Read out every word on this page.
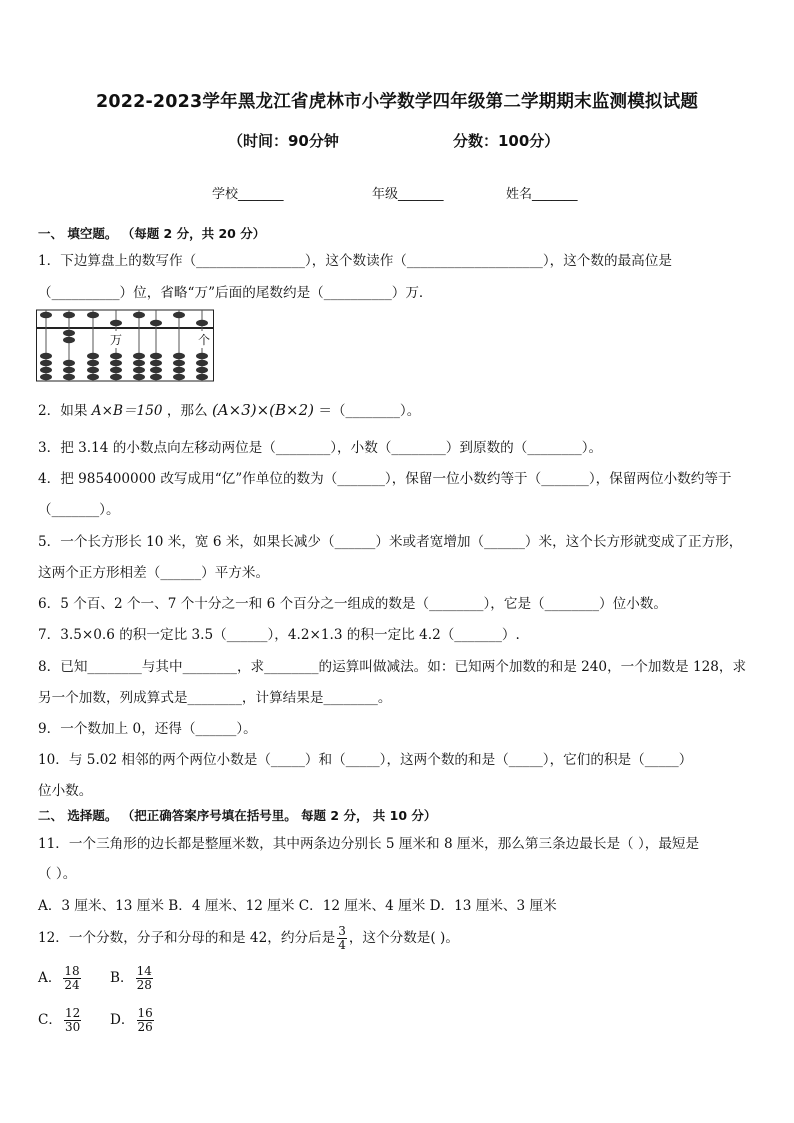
2022-2023学年黑龙江省虎林市小学数学四年级第二学期期末监测模拟试题
（时间：90分钟	分数：100分）
学校_______	年级_______	姓名_______
一、 填空题。 （每题 2 分，共 20 分）
1．下边算盘上的数写作（________________），这个数读作（____________________），这个数的最高位是
（__________）位，省略“万”后面的尾数约是（__________）万．
万	个
2．如果 A×B＝150 ，那么 (A×3)×(B×2) ＝（________）。
3．把 3.14 的小数点向左移动两位是（________），小数（________）到原数的（________）。
4．把 985400000 改写成用“亿”作单位的数为（_______），保留一位小数约等于（_______），保留两位小数约等于
（_______）。
5．一个长方形长 10 米，宽 6 米，如果长减少（______）米或者宽增加（______）米，这个长方形就变成了正方形，
这两个正方形相差（______）平方米。
6．5 个百、2 个一、7 个十分之一和 6 个百分之一组成的数是（________），它是（________）位小数。
7．3.5×0.6 的积一定比 3.5（______），4.2×1.3 的积一定比 4.2（_______）.
8．已知________与其中________，求________的运算叫做减法。如：已知两个加数的和是 240，一个加数是 128，求
另一个加数，列成算式是________，计算结果是________。
9．一个数加上 0，还得（______）。
10．与 5.02 相邻的两个两位小数是（_____）和（_____），这两个数的和是（_____），它们的积是（_____）
位小数。
二、 选择题。 （把正确答案序号填在括号里。 每题 2 分， 共 10 分）
11．一个三角形的边长都是整厘米数，其中两条边分别长 5 厘米和 8 厘米，那么第三条边最长是（ ），最短是
（ ）。
A．3 厘米、13 厘米 B．4 厘米、12 厘米 C．12 厘米、4 厘米 D．13 厘米、3 厘米
12．一个分数，分子和分母的和是 42，约分后是 $\frac{3}{4}$ ，这个分数是( )。
A． $\frac{18}{24}$ B． $\frac{14}{28}$
C． $\frac{12}{30}$ D． $\frac{16}{26}$
